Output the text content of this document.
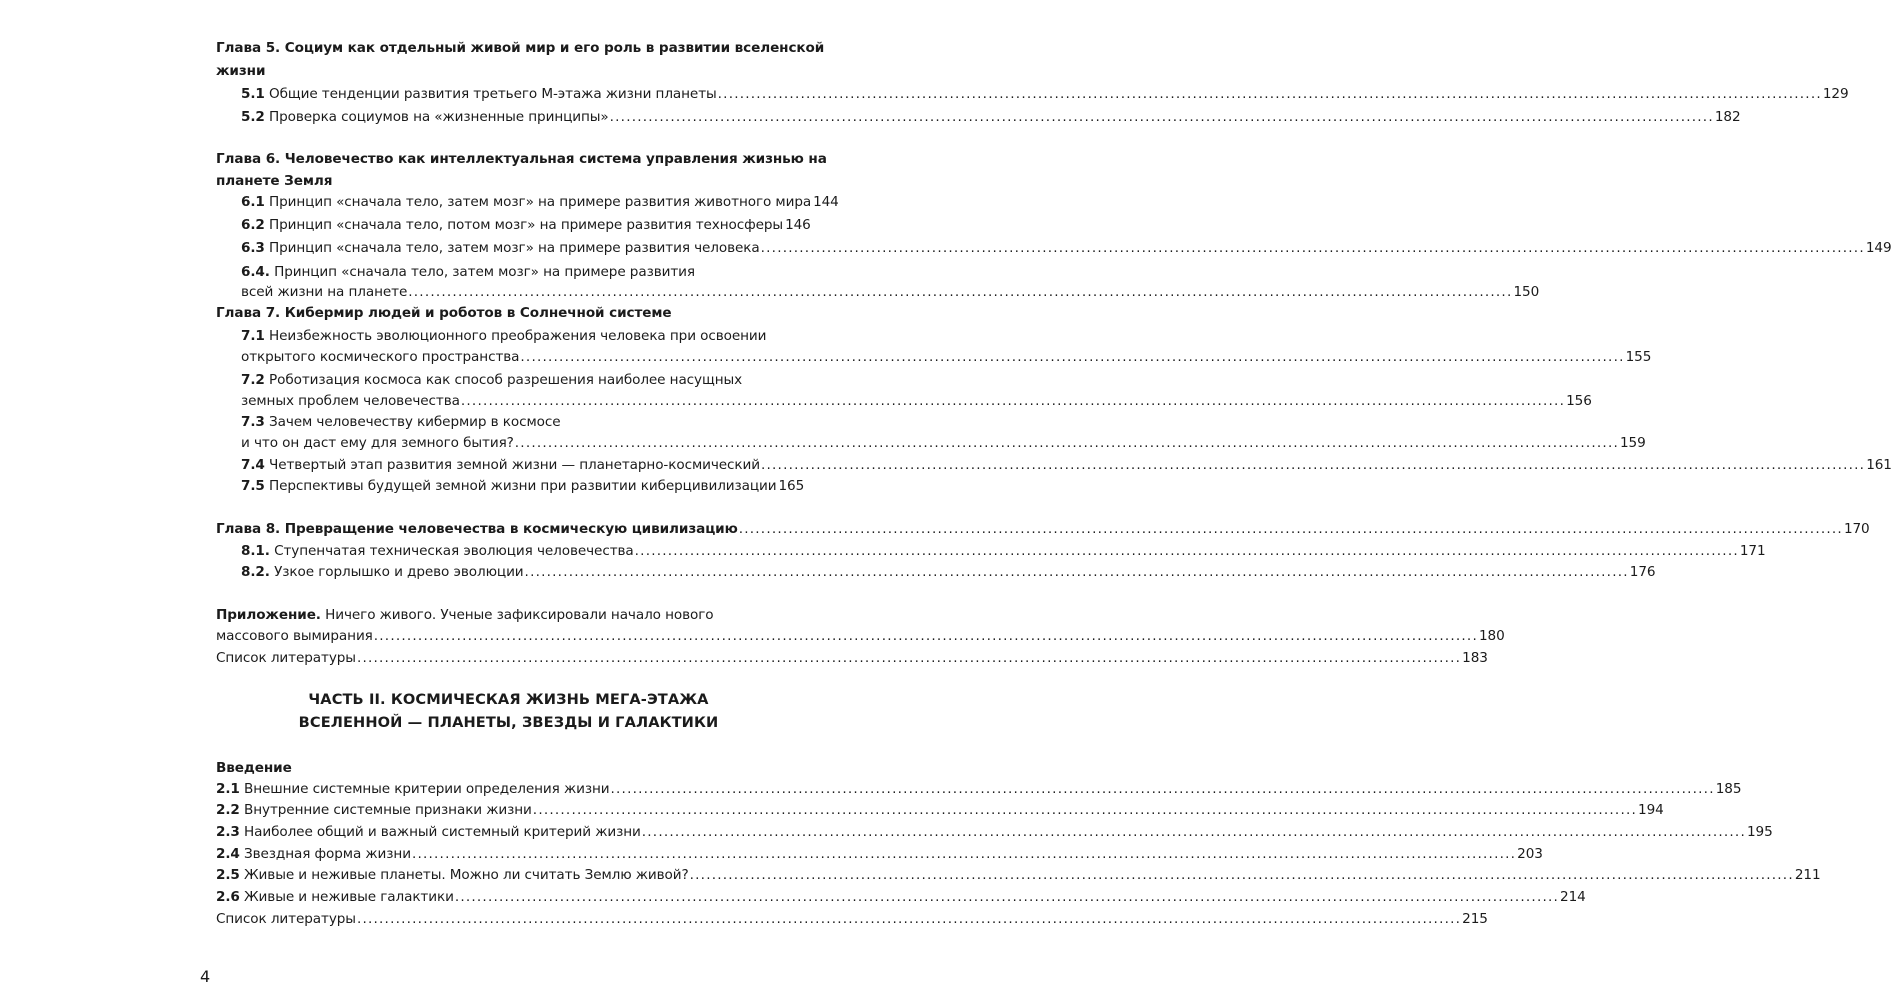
Глава 5. Социум как отдельный живой мир и его роль в развитии вселенской
жизни
5.1 Общие тенденции развития третьего М-этажа жизни планеты .....	129
5.2 Проверка социумов на «жизненные принципы» .....	182
Глава 6. Человечество как интеллектуальная система управления жизнью на
планете Земля
6.1 Принцип «сначала тело, затем мозг» на примере развития животного мира ..... 144
6.2 Принцип «сначала тело, потом мозг» на примере развития техносферы ..... 146
6.3 Принцип «сначала тело, затем мозг» на примере развития человека .....	149
6.4. Принцип «сначала тело, затем мозг» на примере развития
всей жизни на планете .....	150
Глава 7. Кибермир людей и роботов в Солнечной системе
7.1 Неизбежность эволюционного преображения человека при освоении
открытого космического пространства .....	155
7.2 Роботизация космоса как способ разрешения наиболее насущных
земных проблем человечества .....	156
7.3 Зачем человечеству кибермир в космосе
и что он даст ему для земного бытия? .....	159
7.4 Четвертый этап развития земной жизни — планетарно-космический .....	161
7.5 Перспективы будущей земной жизни при развитии киберцивилизации ..... 165
Глава 8. Превращение человечества в космическую цивилизацию .....	170
8.1. Ступенчатая техническая эволюция человечества .....	171
8.2. Узкое горлышко и древо эволюции .....	176
Приложение. Ничего живого. Ученые зафиксировали начало нового
массового вымирания .....	180
Список литературы .....	183
ЧАСТЬ II. КОСМИЧЕСКАЯ ЖИЗНЬ МЕГА-ЭТАЖА
ВСЕЛЕННОЙ — ПЛАНЕТЫ, ЗВЕЗДЫ И ГАЛАКТИКИ
Введение
2.1 Внешние системные критерии определения жизни .....	185
2.2 Внутренние системные признаки жизни .....	194
2.3 Наиболее общий и важный системный критерий жизни .....	195
2.4 Звездная форма жизни .....	203
2.5 Живые и неживые планеты. Можно ли считать Землю живой? .....	211
2.6 Живые и неживые галактики .....	214
Список литературы .....	215
4
